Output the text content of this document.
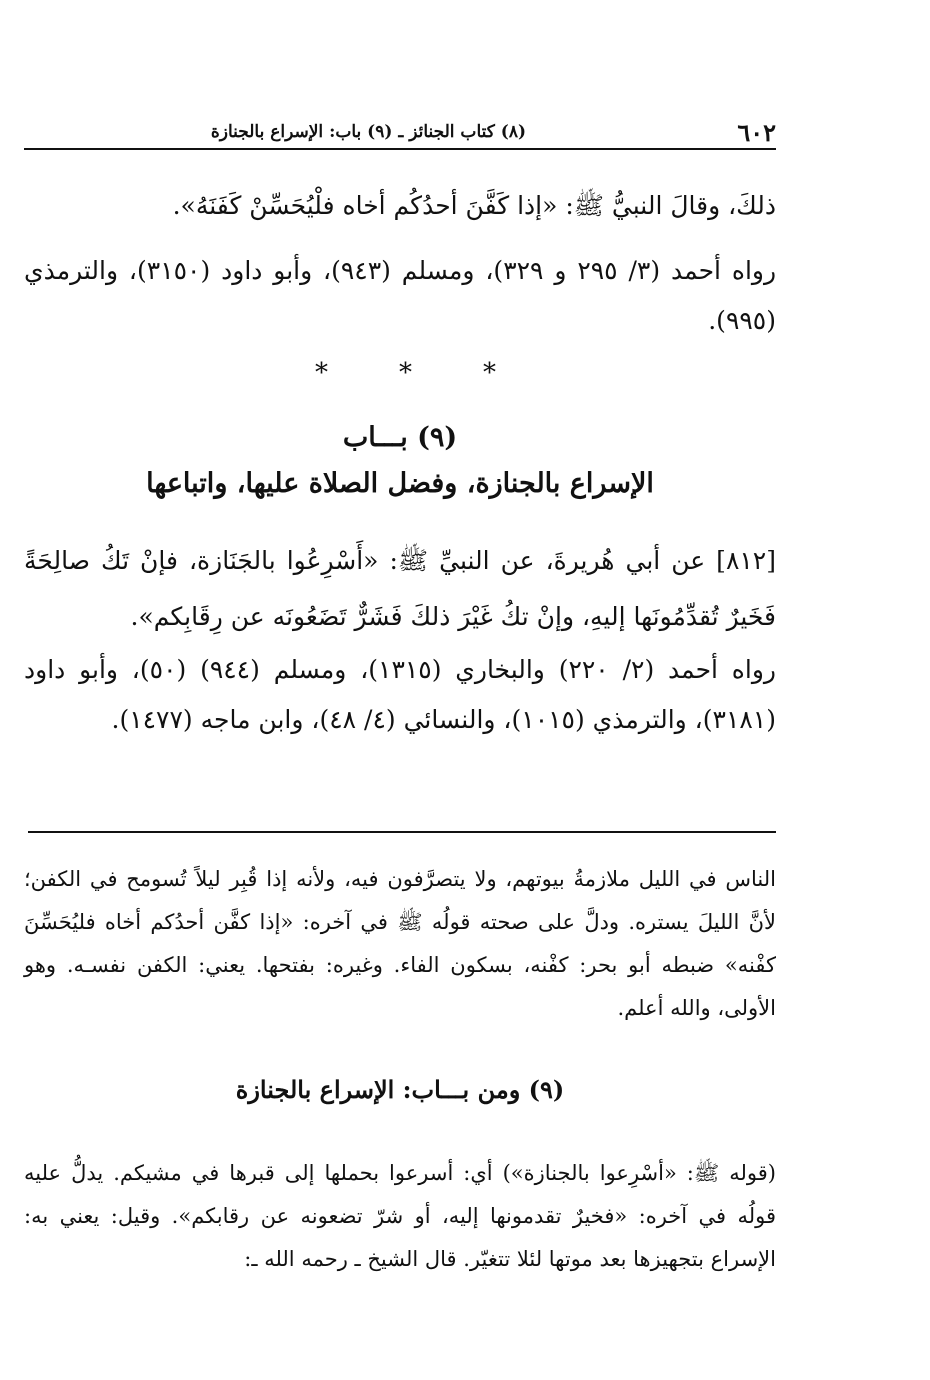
٦٠٢
(٨) كتاب الجنائز ـ (٩) باب: الإسراع بالجنازة
ذلكَ، وقالَ النبيُّ ﷺ: «إذا كَفَّنَ أحدُكُم أخاه فلْيُحَسِّنْ كَفَنَهُ».
رواه أحمد (٣/ ٢٩٥ و ٣٢٩)، ومسلم (٩٤٣)، وأبو داود (٣١٥٠)، والترمذي (٩٩٥).
*
*
*
(٩) بـــاب
الإسراع بالجنازة، وفضل الصلاة عليها، واتباعها
[٨١٢] عن أبي هُريرةَ، عن النبيِّ ﷺ: «أَسْرِعُوا بالجَنَازة، فإنْ تَكُ صالِحَةً فَخَيرٌ تُقدِّمُونَها إليهِ، وإنْ تكُ غَيْرَ ذلكَ فَشَرٌّ تَضَعُونَه عن رِقَابِكم».
رواه أحمد (٢/ ٢٢٠) والبخاري (١٣١٥)، ومسلم (٩٤٤) (٥٠)، وأبو داود (٣١٨١)، والترمذي (١٠١٥)، والنسائي (٤/ ٤٨)، وابن ماجه (١٤٧٧).
الناس في الليل ملازمةُ بيوتهم، ولا يتصرَّفون فيه، ولأنه إذا قُبِر ليلاً تُسومح في الكفن؛ لأنَّ الليلَ يستره. ودلَّ على صحته قولُه ﷺ في آخره: «إذا كفَّن أحدُكم أخاه فليُحَسِّنَ كفْنه» ضبطه أبو بحر: كفْنه، بسكون الفاء. وغيره: بفتحها. يعني: الكفن نفسـه. وهو الأولى، والله أعلم.
(٩) ومن بـــاب: الإسراع بالجنازة
(قوله ﷺ: «أسْرِعوا بالجنازة») أي: أسرعوا بحملها إلى قبرها في مشيكم. يدلُّ عليه قولُه في آخره: «فخيرٌ تقدمونها إليه، أو شرّ تضعونه عن رقابكم». وقيل: يعني به: الإسراع بتجهيزها بعد موتها لئلا تتغيّر. قال الشيخ ـ رحمه الله ـ:
